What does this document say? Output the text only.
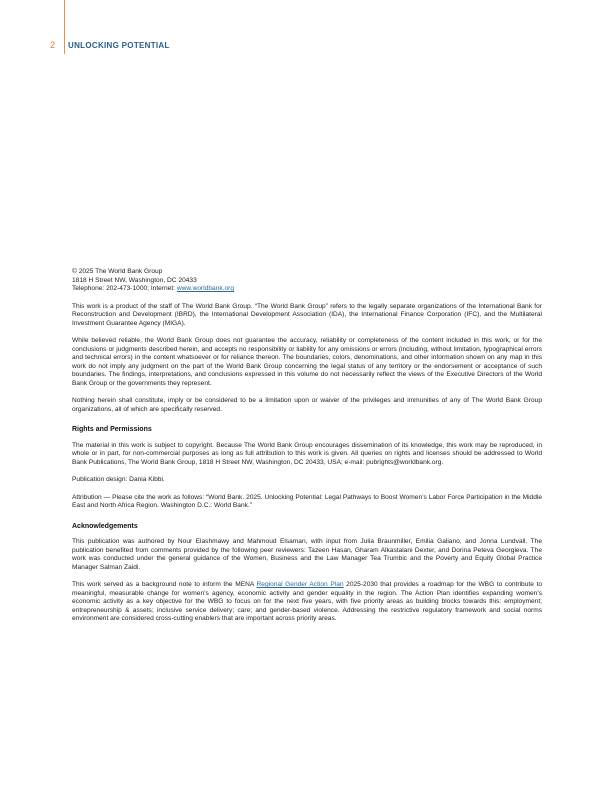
2	UNLOCKING POTENTIAL
© 2025 The World Bank Group
1818 H Street NW, Washington, DC 20433
Telephone: 202-473-1000; Internet: www.worldbank.org

This work is a product of the staff of The World Bank Group. “The World Bank Group” refers to the legally separate organizations of the International Bank for Reconstruction and Development (IBRD), the International Development Association (IDA), the International Finance Corporation (IFC), and the Multilateral Investment Guarantee Agency (MIGA).

While believed reliable, the World Bank Group does not guarantee the accuracy, reliability or completeness of the content included in this work, or for the conclusions or judgments described herein, and accepts no responsibility or liability for any omissions or errors (including, without limitation, typographical errors and technical errors) in the content whatsoever or for reliance thereon. The boundaries, colors, denominations, and other information shown on any map in this work do not imply any judgment on the part of the World Bank Group concerning the legal status of any territory or the endorsement or acceptance of such boundaries. The findings, interpretations, and conclusions expressed in this volume do not necessarily reflect the views of the Executive Directors of the World Bank Group or the governments they represent.

Nothing herein shall constitute, imply or be considered to be a limitation upon or waiver of the privileges and immunities of any of The World Bank Group organizations, all of which are specifically reserved.

Rights and Permissions

The material in this work is subject to copyright. Because The World Bank Group encourages dissemination of its knowledge, this work may be reproduced, in whole or in part, for non-commercial purposes as long as full attribution to this work is given. All queries on rights and licenses should be addressed to World Bank Publications, The World Bank Group, 1818 H Street NW, Washington, DC 20433, USA; e-mail: pubrights@worldbank.org.

Publication design: Dania Kibbi.

Attribution — Please cite the work as follows: “World Bank. 2025. Unlocking Potential: Legal Pathways to Boost Women’s Labor Force Participation in the Middle East and North Africa Region. Washington D.C.: World Bank.”

Acknowledgements

This publication was authored by Nour Elashmawy and Mahmoud Elsaman, with input from Julia Braunmiller, Emilia Galiano, and Jonna Lundvall. The publication benefited from comments provided by the following peer reviewers: Tazeen Hasan, Gharam Alkastalani Dexter, and Dorina Peteva Georgieva. The work was conducted under the general guidance of the Women, Business and the Law Manager Tea Trumbic and the Poverty and Equity Global Practice Manager Salman Zaidi.

This work served as a background note to inform the MENA Regional Gender Action Plan 2025-2030 that provides a roadmap for the WBG to contribute to meaningful, measurable change for women’s agency, economic activity and gender equality in the region. The Action Plan identifies expanding women’s economic activity as a key objective for the WBG to focus on for the next five years, with five priority areas as building blocks towards this: employment; entrepreneurship & assets; inclusive service delivery; care; and gender-based violence. Addressing the restrictive regulatory framework and social norms environment are considered cross-cutting enablers that are important across priority areas.
